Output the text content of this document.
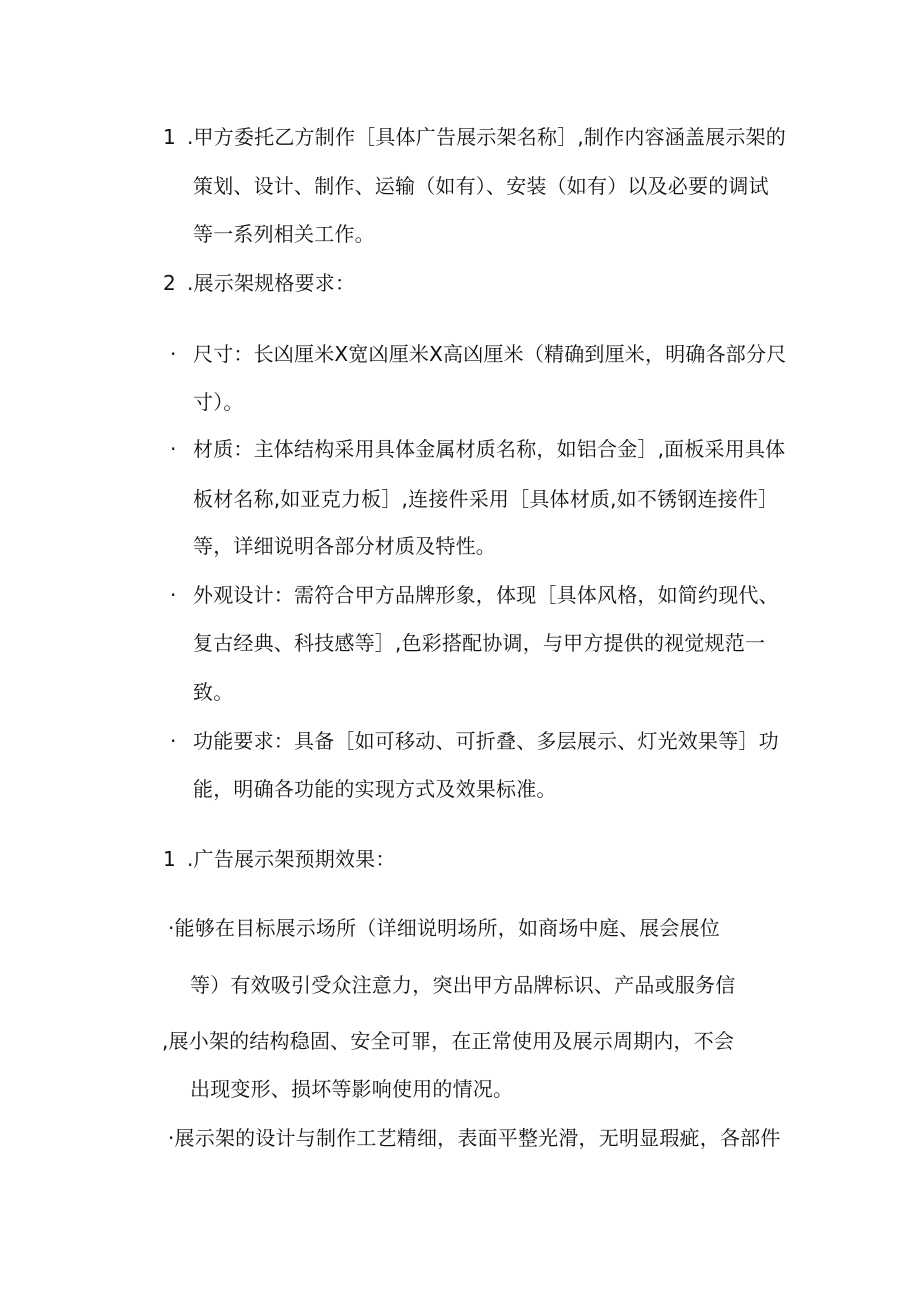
1 .甲方委托乙方制作［具体广告展示架名称］,制作内容涵盖展示架的
策划、设计、制作、运输（如有）、安装（如有）以及必要的调试
等一系列相关工作。
2 .展示架规格要求：
· 尺寸：长凶厘米X宽凶厘米X高凶厘米（精确到厘米，明确各部分尺
寸）。
· 材质：主体结构采用具体金属材质名称，如铝合金］,面板采用具体
板材名称,如亚克力板］,连接件采用［具体材质,如不锈钢连接件］
等，详细说明各部分材质及特性。
· 外观设计：需符合甲方品牌形象，体现［具体风格，如简约现代、
复古经典、科技感等］,色彩搭配协调，与甲方提供的视觉规范一
致。
· 功能要求：具备［如可移动、可折叠、多层展示、灯光效果等］功
能，明确各功能的实现方式及效果标准。
1 .广告展示架预期效果：
·能够在目标展示场所（详细说明场所，如商场中庭、展会展位
等）有效吸引受众注意力，突出甲方品牌标识、产品或服务信
,展小架的结构稳固、安全可罪，在正常使用及展示周期内，不会
出现变形、损坏等影响使用的情况。
·展示架的设计与制作工艺精细，表面平整光滑，无明显瑕疵，各部件
